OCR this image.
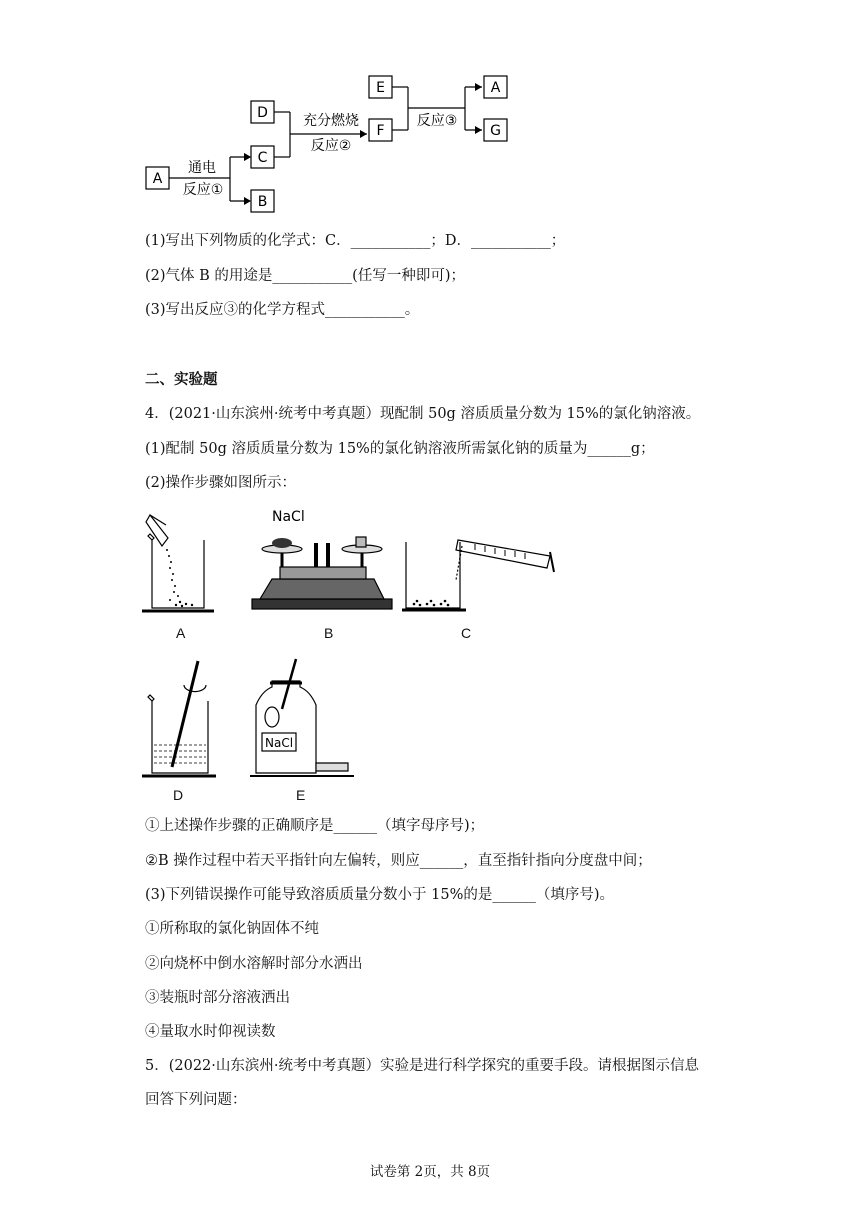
A
B
C
D
E
F
A
G
通电
反应①
充分燃烧
反应②
反应③
(1)写出下列物质的化学式：C．___________；D．___________；
(2)气体 B 的用途是___________(任写一种即可)；
(3)写出反应③的化学方程式___________。
二、实验题
4．(2021·山东滨州·统考中考真题）现配制 50g 溶质质量分数为 15%的氯化钠溶液。
(1)配制 50g 溶质质量分数为 15%的氯化钠溶液所需氯化钠的质量为______g；
(2)操作步骤如图所示：
A
NaCl
B	C
D
NaCl
E
①上述操作步骤的正确顺序是______（填字母序号)；
②B 操作过程中若天平指针向左偏转，则应______，直至指针指向分度盘中间；
(3)下列错误操作可能导致溶质质量分数小于 15%的是______（填序号)。
①所称取的氯化钠固体不纯
②向烧杯中倒水溶解时部分水洒出
③装瓶时部分溶液洒出
④量取水时仰视读数
5．(2022·山东滨州·统考中考真题）实验是进行科学探究的重要手段。请根据图示信息
回答下列问题：
试卷第 2页，共 8页
